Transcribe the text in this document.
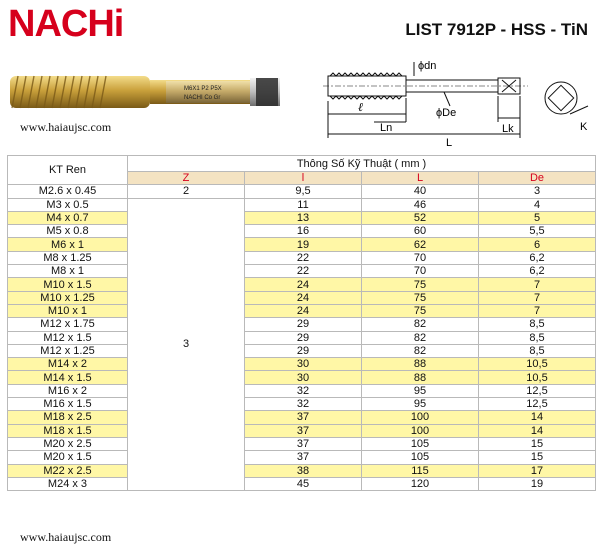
NACHi	LIST 7912P - HSS - TiN
M6X1 P2 P5X
NACHI Co Gr
www.haiaujsc.com
ϕdn
ϕDe
ℓ
Ln
L
Lk	K
KT Ren	Thông Số Kỹ Thuật ( mm )			
	Z	l	L	De
M2.6 x 0.45	2	9,5	40	3
M3 x 0.5	3	11	46	4
M4 x 0.7		13	52	5
M5 x 0.8		16	60	5,5
M6 x 1		19	62	6
M8 x 1.25		22	70	6,2
M8 x 1		22	70	6,2
M10 x 1.5		24	75	7
M10 x 1.25		24	75	7
M10 x 1		24	75	7
M12 x 1.75		29	82	8,5
M12 x 1.5		29	82	8,5
M12 x 1.25		29	82	8,5
M14 x 2		30	88	10,5
M14 x 1.5		30	88	10,5
M16 x 2		32	95	12,5
M16 x 1.5		32	95	12,5
M18 x 2.5		37	100	14
M18 x 1.5		37	100	14
M20 x 2.5		37	105	15
M20 x 1.5		37	105	15
M22 x 2.5		38	115	17
M24 x 3		45	120	19
www.haiaujsc.com
